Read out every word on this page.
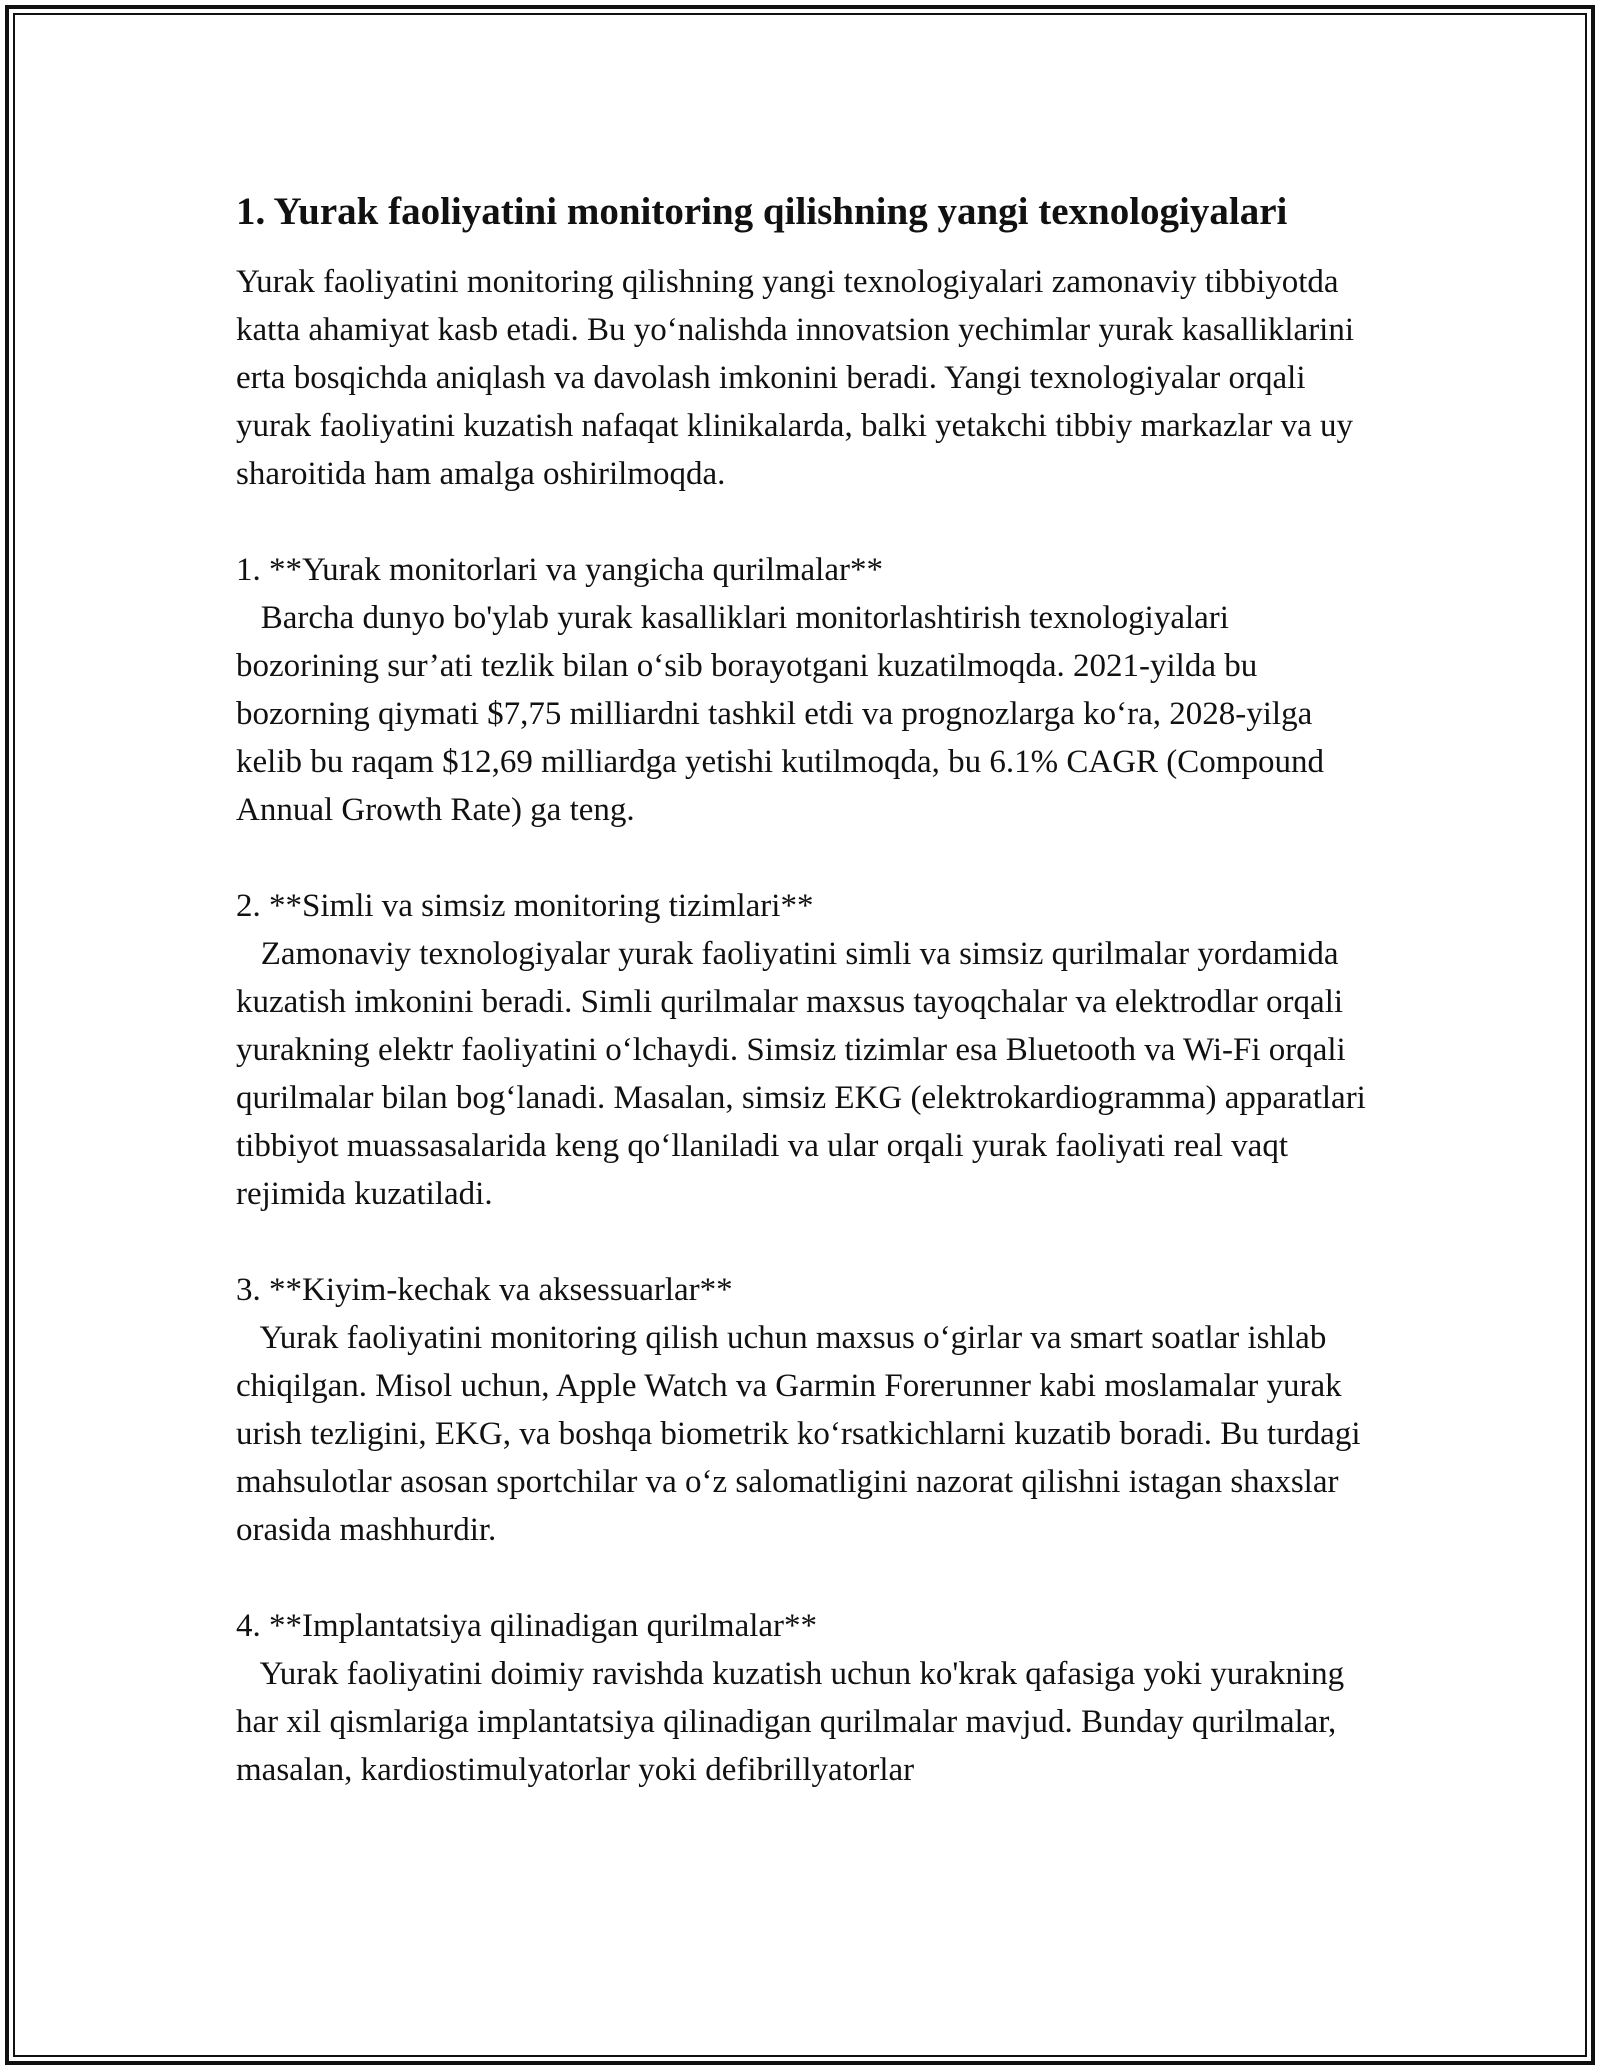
1. Yurak faoliyatini monitoring qilishning yangi texnologiyalari

Yurak faoliyatini monitoring qilishning yangi texnologiyalari zamonaviy tibbiyotda katta ahamiyat kasb etadi. Bu yo‘nalishda innovatsion yechimlar yurak kasalliklarini erta bosqichda aniqlash va davolash imkonini beradi. Yangi texnologiyalar orqali yurak faoliyatini kuzatish nafaqat klinikalarda, balki yetakchi tibbiy markazlar va uy sharoitida ham amalga oshirilmoqda.

1. **Yurak monitorlari va yangicha qurilmalar**

Barcha dunyo bo'ylab yurak kasalliklari monitorlashtirish texnologiyalari bozorining sur’ati tezlik bilan o‘sib borayotgani kuzatilmoqda. 2021-yilda bu bozorning qiymati $7,75 milliardni tashkil etdi va prognozlarga ko‘ra, 2028-yilga kelib bu raqam $12,69 milliardga yetishi kutilmoqda, bu 6.1% CAGR (Compound Annual Growth Rate) ga teng.

2. **Simli va simsiz monitoring tizimlari**

Zamonaviy texnologiyalar yurak faoliyatini simli va simsiz qurilmalar yordamida kuzatish imkonini beradi. Simli qurilmalar maxsus tayoqchalar va elektrodlar orqali yurakning elektr faoliyatini o‘lchaydi. Simsiz tizimlar esa Bluetooth va Wi-Fi orqali qurilmalar bilan bog‘lanadi. Masalan, simsiz EKG (elektrokardiogramma) apparatlari tibbiyot muassasalarida keng qo‘llaniladi va ular orqali yurak faoliyati real vaqt rejimida kuzatiladi.

3. **Kiyim-kechak va aksessuarlar**

Yurak faoliyatini monitoring qilish uchun maxsus o‘girlar va smart soatlar ishlab chiqilgan. Misol uchun, Apple Watch va Garmin Forerunner kabi moslamalar yurak urish tezligini, EKG, va boshqa biometrik ko‘rsatkichlarni kuzatib boradi. Bu turdagi mahsulotlar asosan sportchilar va o‘z salomatligini nazorat qilishni istagan shaxslar orasida mashhurdir.

4. **Implantatsiya qilinadigan qurilmalar**

Yurak faoliyatini doimiy ravishda kuzatish uchun ko'krak qafasiga yoki yurakning har xil qismlariga implantatsiya qilinadigan qurilmalar mavjud. Bunday qurilmalar, masalan, kardiostimulyatorlar yoki defibrillyatorlar
